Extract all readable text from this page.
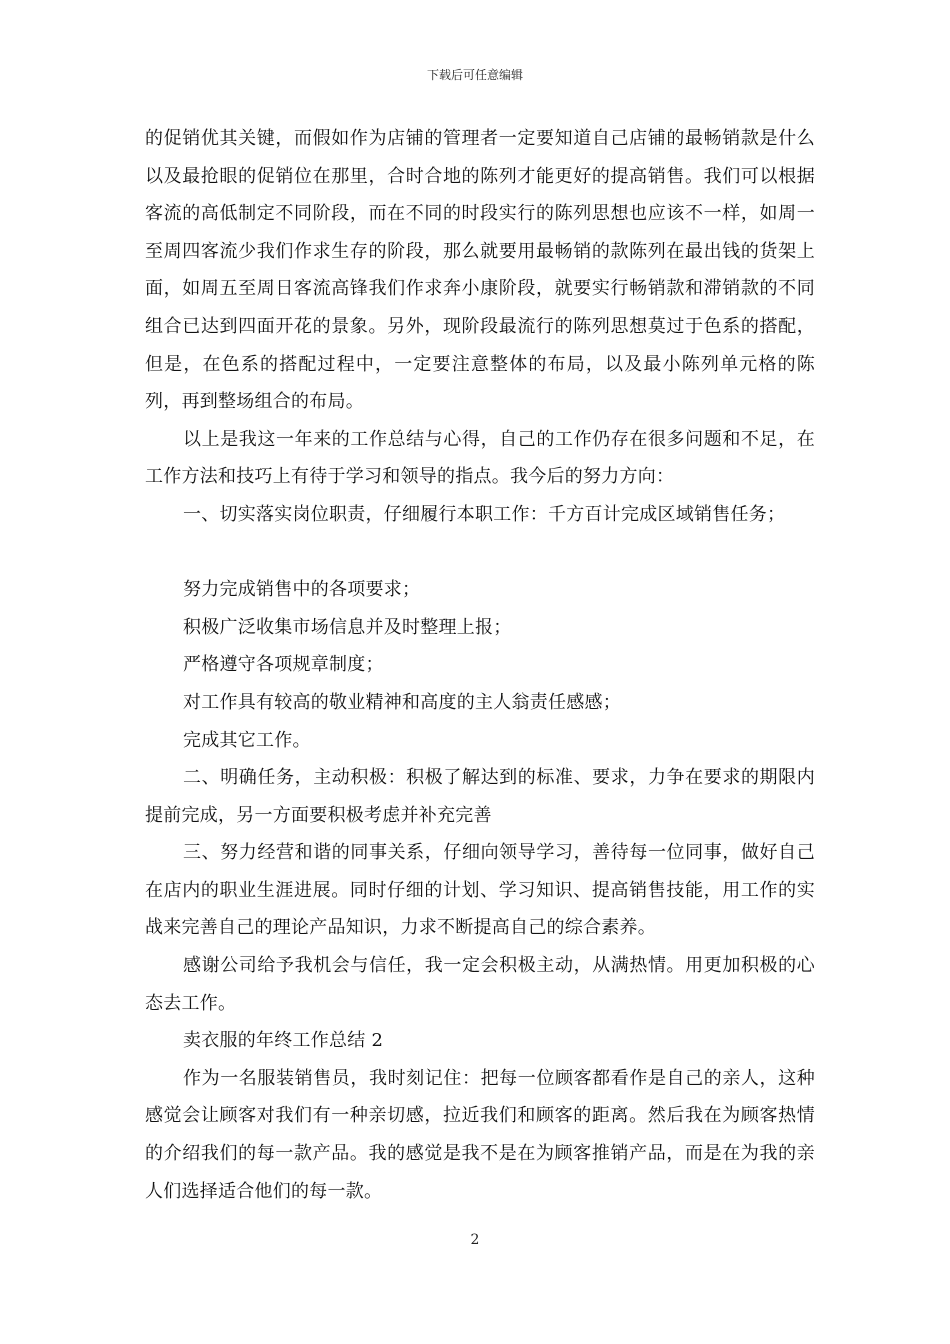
下载后可任意编辑

的促销优其关键，而假如作为店铺的管理者一定要知道自己店铺的最畅销款是什么以及最抢眼的促销位在那里，合时合地的陈列才能更好的提高销售。我们可以根据客流的高低制定不同阶段，而在不同的时段实行的陈列思想也应该不一样，如周一至周四客流少我们作求生存的阶段，那么就要用最畅销的款陈列在最出钱的货架上面，如周五至周日客流高锋我们作求奔小康阶段，就要实行畅销款和滞销款的不同组合已达到四面开花的景象。另外，现阶段最流行的陈列思想莫过于色系的搭配，但是，在色系的搭配过程中，一定要注意整体的布局，以及最小陈列单元格的陈列，再到整场组合的布局。

以上是我这一年来的工作总结与心得，自己的工作仍存在很多问题和不足，在工作方法和技巧上有待于学习和领导的指点。我今后的努力方向：

一、切实落实岗位职责，仔细履行本职工作：千方百计完成区域销售任务；

努力完成销售中的各项要求；

积极广泛收集市场信息并及时整理上报；

严格遵守各项规章制度；

对工作具有较高的敬业精神和高度的主人翁责任感感；

完成其它工作。

二、明确任务，主动积极：积极了解达到的标准、要求，力争在要求的期限内提前完成，另一方面要积极考虑并补充完善

三、努力经营和谐的同事关系，仔细向领导学习，善待每一位同事，做好自己在店内的职业生涯进展。同时仔细的计划、学习知识、提高销售技能，用工作的实战来完善自己的理论产品知识，力求不断提高自己的综合素养。

感谢公司给予我机会与信任，我一定会积极主动，从满热情。用更加积极的心态去工作。

卖衣服的年终工作总结 2

作为一名服装销售员，我时刻记住：把每一位顾客都看作是自己的亲人，这种感觉会让顾客对我们有一种亲切感，拉近我们和顾客的距离。然后我在为顾客热情的介绍我们的每一款产品。我的感觉是我不是在为顾客推销产品，而是在为我的亲人们选择适合他们的每一款。

2
